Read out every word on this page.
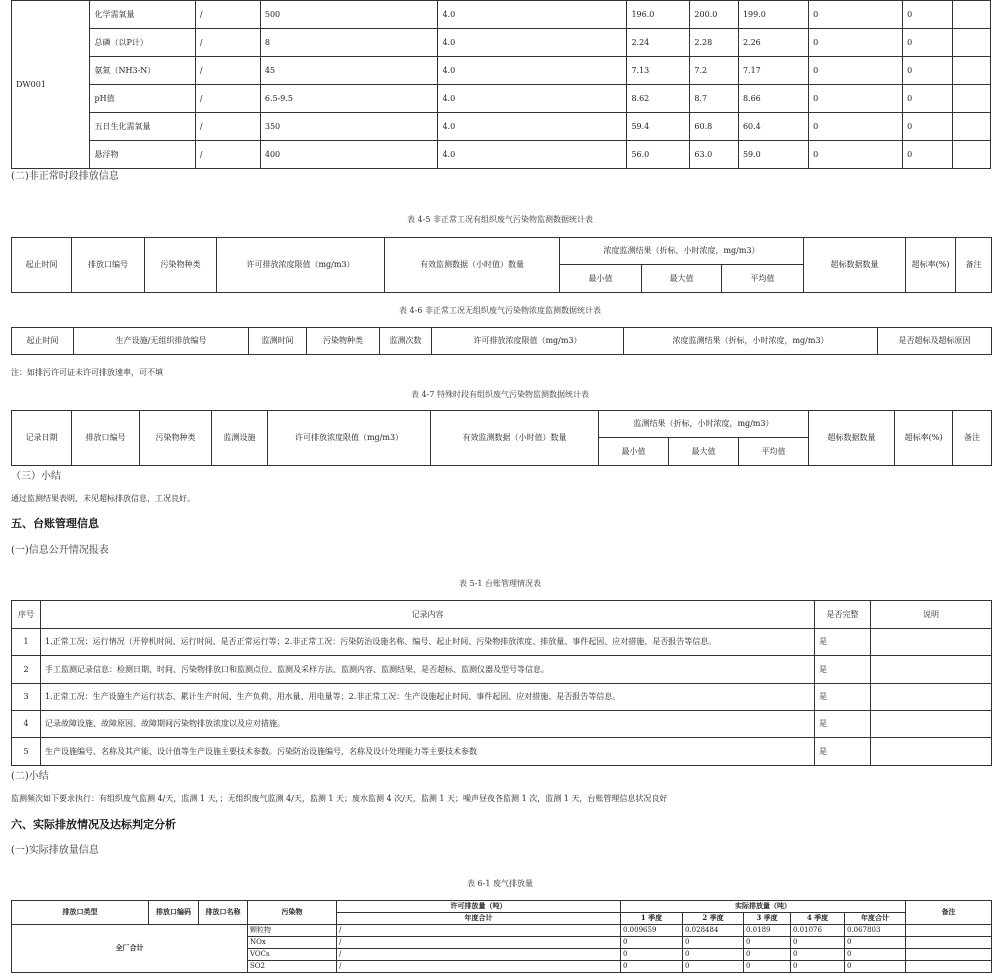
DW001	化学需氧量	/	500	4.0	196.0	200.0	199.0	0	0	
	总磷（以P计）	/	8	4.0	2.24	2.28	2.26	0	0	
	氨氮（NH3-N）	/	45	4.0	7.13	7.2	7.17	0	0	
	pH值	/	6.5-9.5	4.0	8.62	8.7	8.66	0	0	
	五日生化需氧量	/	350	4.0	59.4	60.8	60.4	0	0	
	悬浮物	/	400	4.0	56.0	63.0	59.0	0	0	
(二)非正常时段排放信息
表 4-5 非正常工况有组织废气污染物监测数据统计表
起止时间	排放口编号	污染物种类	许可排放浓度限值（mg/m3）	有效监测数据（小时值）数量	浓度监测结果（折标，小时浓度，mg/m3）			超标数据数量	超标率(%)	备注
					最小值	最大值	平均值			
表 4-6 非正常工况无组织废气污染物浓度监测数据统计表
起止时间	生产设施/无组织排放编号	监测时间	污染物种类	监测次数	许可排放浓度限值（mg/m3）	浓度监测结果（折标，小时浓度，mg/m3）	是否超标及超标原因
注：如排污许可证未许可排放速率，可不填
表 4-7 特殊时段有组织废气污染物监测数据统计表
记录日期	排放口编号	污染物种类	监测设施	许可排放浓度限值（mg/m3）	有效监测数据（小时值）数量	监测结果（折标，小时浓度，mg/m3）			超标数据数量	超标率(%)	备注
						最小值	最大值	平均值			
（三）小结
通过监测结果表明，未见超标排放信息，工况良好。
五、台账管理信息
(一)信息公开情况报表
表 5-1 台账管理情况表
序号	记录内容	是否完整	说明
1	1.正常工况：运行情况（开停机时间、运行时间、是否正常运行等；2.非正常工况：污染防治设施名称、编号、起止时间、污染物排放浓度、排放量、事件起因、应对措施、是否报告等信息。	是	
2	手工监测记录信息：检测日期、时间、污染物排放口和监测点位、监测及采样方法、监测内容、监测结果、是否超标、监测仪器及型号等信息。	是	
3	1.正常工况：生产设施生产运行状态、累计生产时间、生产负荷、用水量、用电量等；2.非正常工况：生产设施起止时间、事件起因、应对措施、是否报告等信息。	是	
4	记录故障设施、故障原因、故障期间污染物排放浓度以及应对措施。	是	
5	生产设施编号、名称及其产能、设计值等生产设施主要技术参数。污染防治设施编号，名称及设计处理能力等主要技术参数	是	
(二)小结
监测频次如下要求执行：有组织废气监测 4/天，监测 1 天，；无组织废气监测 4/天，监测 1 天；废水监测 4 次/天，监测 1 天；噪声昼夜各监测 1 次，监测 1 天，台账管理信息状况良好
六、实际排放情况及达标判定分析
(一)实际排放量信息
表 6-1 废气排放量
排放口类型	排放口编码	排放口名称	污染物	许可排放量（吨）	实际排放量（吨）					备注
				年度合计	1 季度	2 季度	3 季度	4 季度	年度合计	
全厂合计			颗粒物	/	0.009659	0.028484	0.0189	0.01076	0.067803	
			NOx	/	0	0	0	0	0	
			VOCs	/	0	0	0	0	0	
			SO2	/	0	0	0	0	0	
